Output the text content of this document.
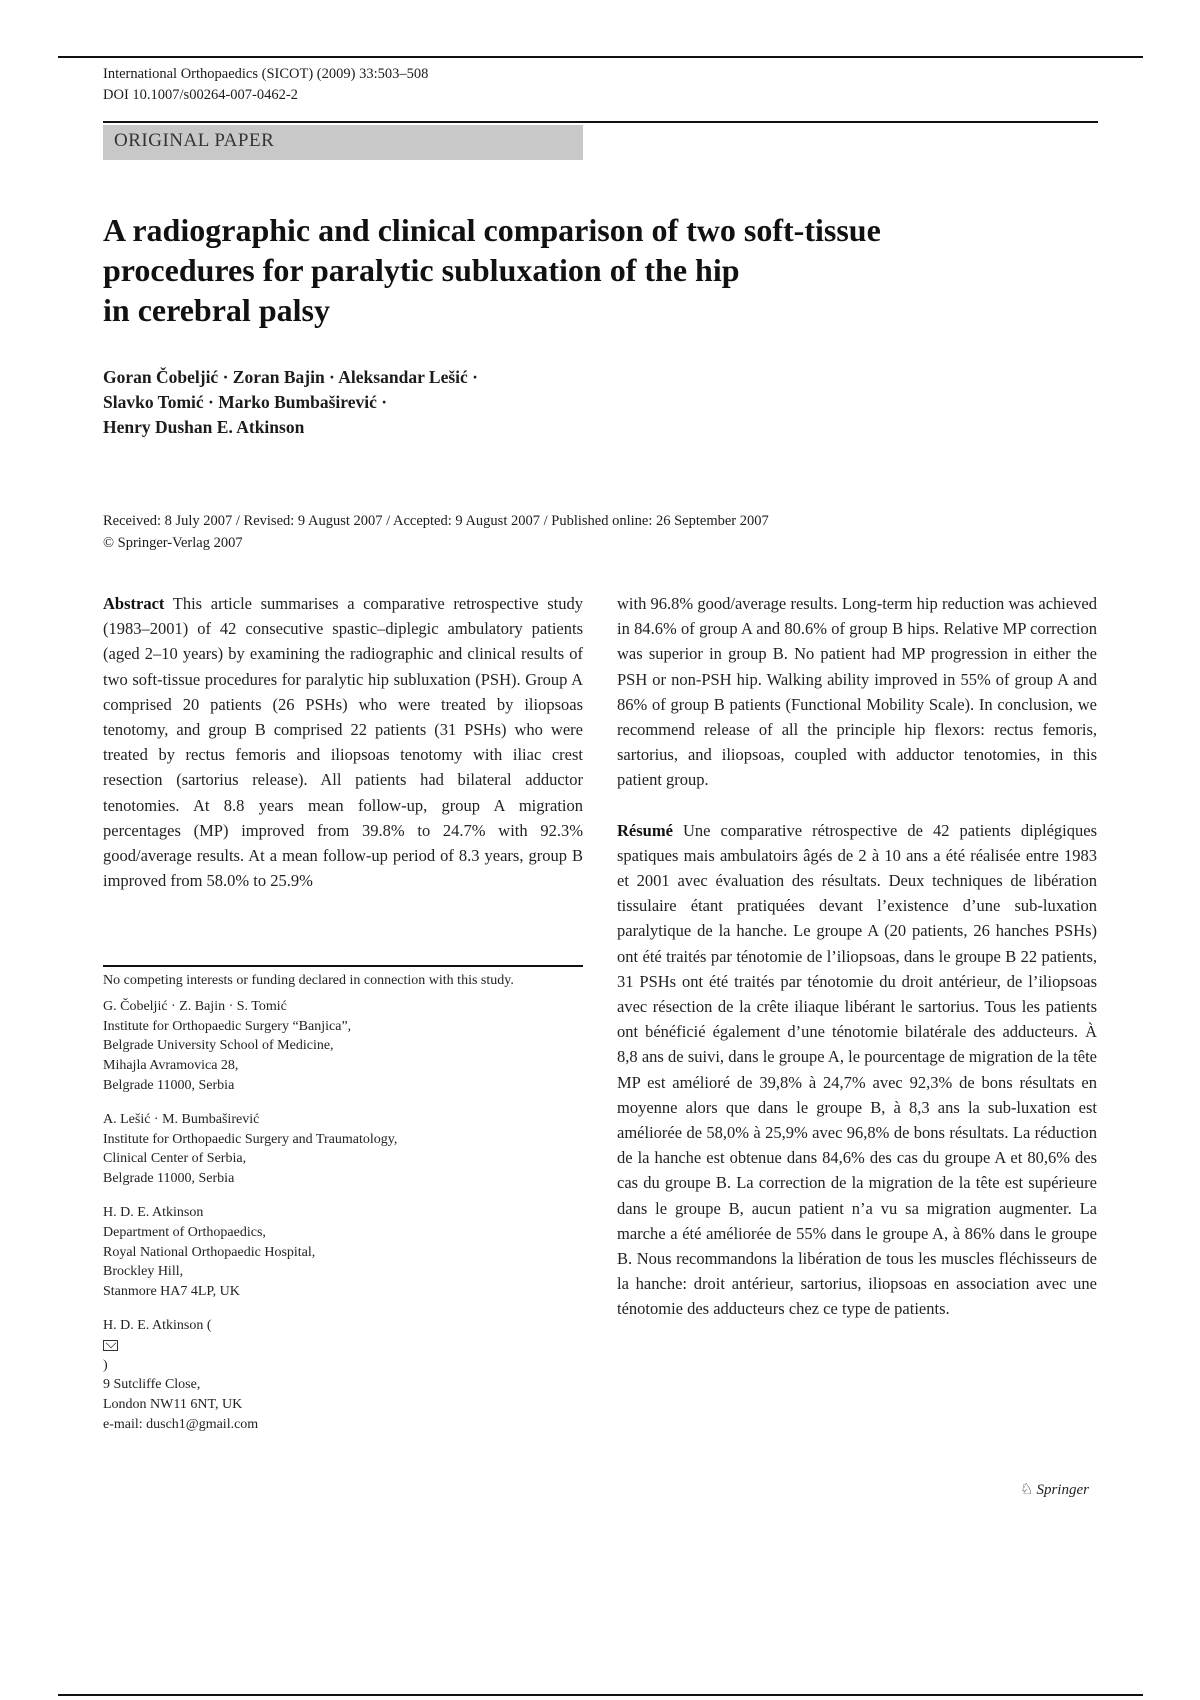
International Orthopaedics (SICOT) (2009) 33:503–508
DOI 10.1007/s00264-007-0462-2
ORIGINAL PAPER
A radiographic and clinical comparison of two soft-tissue
procedures for paralytic subluxation of the hip
in cerebral palsy
Goran Čobeljić · Zoran Bajin · Aleksandar Lešić ·
Slavko Tomić · Marko Bumbaširević ·
Henry Dushan E. Atkinson
Received: 8 July 2007 / Revised: 9 August 2007 / Accepted: 9 August 2007 / Published online: 26 September 2007
© Springer-Verlag 2007

Abstract This article summarises a comparative retrospective study (1983–2001) of 42 consecutive spastic–diplegic ambulatory patients (aged 2–10 years) by examining the radiographic and clinical results of two soft-tissue procedures for paralytic hip subluxation (PSH). Group A comprised 20 patients (26 PSHs) who were treated by iliopsoas tenotomy, and group B comprised 22 patients (31 PSHs) who were treated by rectus femoris and iliopsoas tenotomy with iliac crest resection (sartorius release). All patients had bilateral adductor tenotomies. At 8.8 years mean follow-up, group A migration percentages (MP) improved from 39.8% to 24.7% with 92.3% good/average results. At a mean follow-up period of 8.3 years, group B improved from 58.0% to 25.9%

No competing interests or funding declared in connection with this study.

G. Čobeljić · Z. Bajin · S. Tomić
Institute for Orthopaedic Surgery “Banjica”,
Belgrade University School of Medicine,
Mihajla Avramovica 28,
Belgrade 11000, Serbia
A. Lešić · M. Bumbaširević
Institute for Orthopaedic Surgery and Traumatology,
Clinical Center of Serbia,
Belgrade 11000, Serbia
H. D. E. Atkinson
Department of Orthopaedics,
Royal National Orthopaedic Hospital,
Brockley Hill,
Stanmore HA7 4LP, UK
H. D. E. Atkinson (
)
9 Sutcliffe Close,
London NW11 6NT, UK
e-mail: dusch1@gmail.com

with 96.8% good/average results. Long-term hip reduction was achieved in 84.6% of group A and 80.6% of group B hips. Relative MP correction was superior in group B. No patient had MP progression in either the PSH or non-PSH hip. Walking ability improved in 55% of group A and 86% of group B patients (Functional Mobility Scale). In conclusion, we recommend release of all the principle hip flexors: rectus femoris, sartorius, and iliopsoas, coupled with adductor tenotomies, in this patient group.

Résumé Une comparative rétrospective de 42 patients diplégiques spatiques mais ambulatoirs âgés de 2 à 10 ans a été réalisée entre 1983 et 2001 avec évaluation des résultats. Deux techniques de libération tissulaire étant pratiquées devant l’existence d’une sub-luxation paralytique de la hanche. Le groupe A (20 patients, 26 hanches PSHs) ont été traités par ténotomie de l’iliopsoas, dans le groupe B 22 patients, 31 PSHs ont été traités par ténotomie du droit antérieur, de l’iliopsoas avec résection de la crête iliaque libérant le sartorius. Tous les patients ont bénéficié également d’une ténotomie bilatérale des adducteurs. À 8,8 ans de suivi, dans le groupe A, le pourcentage de migration de la tête MP est amélioré de 39,8% à 24,7% avec 92,3% de bons résultats en moyenne alors que dans le groupe B, à 8,3 ans la sub-luxation est améliorée de 58,0% à 25,9% avec 96,8% de bons résultats. La réduction de la hanche est obtenue dans 84,6% des cas du groupe A et 80,6% des cas du groupe B. La correction de la migration de la tête est supérieure dans le groupe B, aucun patient n’a vu sa migration augmenter. La marche a été améliorée de 55% dans le groupe A, à 86% dans le groupe B. Nous recommandons la libération de tous les muscles fléchisseurs de la hanche: droit antérieur, sartorius, iliopsoas en association avec une ténotomie des adducteurs chez ce type de patients.

♘ Springer
